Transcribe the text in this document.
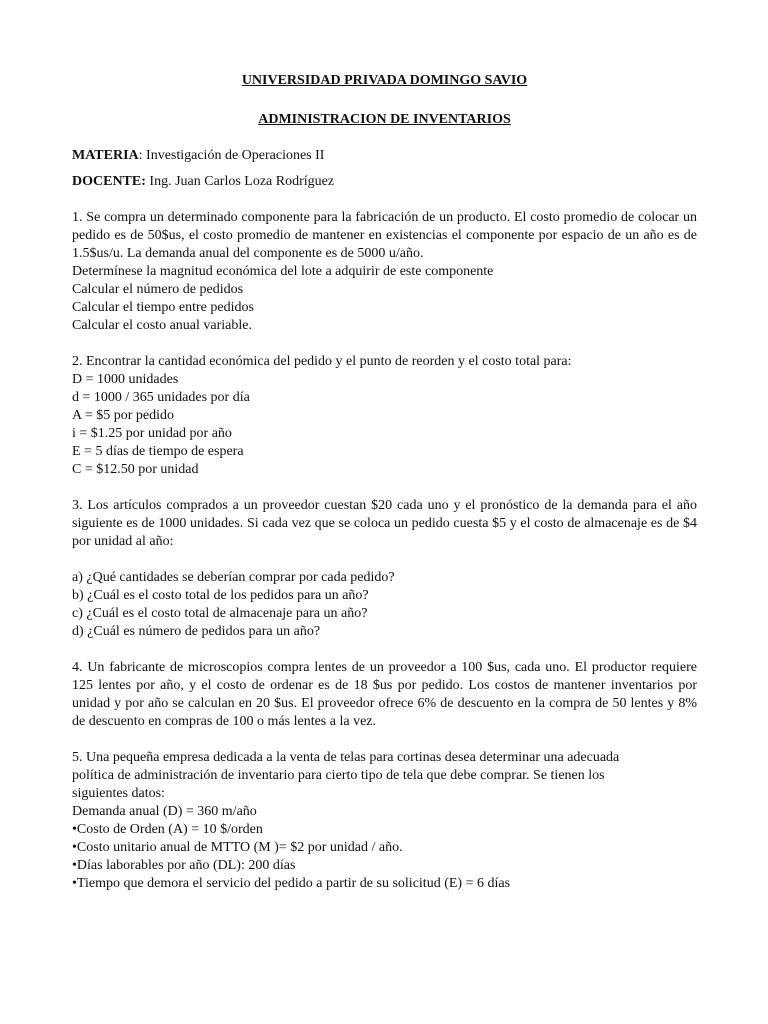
UNIVERSIDAD PRIVADA DOMINGO SAVIO
ADMINISTRACION DE INVENTARIOS
MATERIA: Investigación de Operaciones II
DOCENTE: Ing. Juan Carlos Loza Rodríguez
1. Se compra un determinado componente para la fabricación de un producto. El costo promedio de colocar un pedido es de 50$us, el costo promedio de mantener en existencias el componente por espacio de un año es de 1.5$us/u. La demanda anual del componente es de 5000 u/año.
Determínese la magnitud económica del lote a adquirir de este componente
Calcular el número de pedidos
Calcular el tiempo entre pedidos
Calcular el costo anual variable.
2. Encontrar la cantidad económica del pedido y el punto de reorden y el costo total para:
D = 1000 unidades
d = 1000 / 365 unidades por día
A = $5 por pedido
i = $1.25 por unidad por año
E = 5 días de tiempo de espera
C = $12.50 por unidad
3. Los artículos comprados a un proveedor cuestan $20 cada uno y el pronóstico de la demanda para el año siguiente es de 1000 unidades. Si cada vez que se coloca un pedido cuesta $5 y el costo de almacenaje es de $4 por unidad al año:
a) ¿Qué cantidades se deberían comprar por cada pedido?
b) ¿Cuál es el costo total de los pedidos para un año?
c) ¿Cuál es el costo total de almacenaje para un año?
d) ¿Cuál es número de pedidos para un año?
4. Un fabricante de microscopios compra lentes de un proveedor a 100 $us, cada uno. El productor requiere 125 lentes por año, y el costo de ordenar es de 18 $us por pedido. Los costos de mantener inventarios por unidad y por año se calculan en 20 $us. El proveedor ofrece 6% de descuento en la compra de 50 lentes y 8% de descuento en compras de 100 o más lentes a la vez.
5. Una pequeña empresa dedicada a la venta de telas para cortinas desea determinar una adecuada
política de administración de inventario para cierto tipo de tela que debe comprar. Se tienen los
siguientes datos:
Demanda anual (D) = 360 m/año
•Costo de Orden (A) = 10 $/orden
•Costo unitario anual de MTTO (M )= $2 por unidad / año.
•Días laborables por año (DL): 200 días
•Tiempo que demora el servicio del pedido a partir de su solicitud (E) = 6 días
